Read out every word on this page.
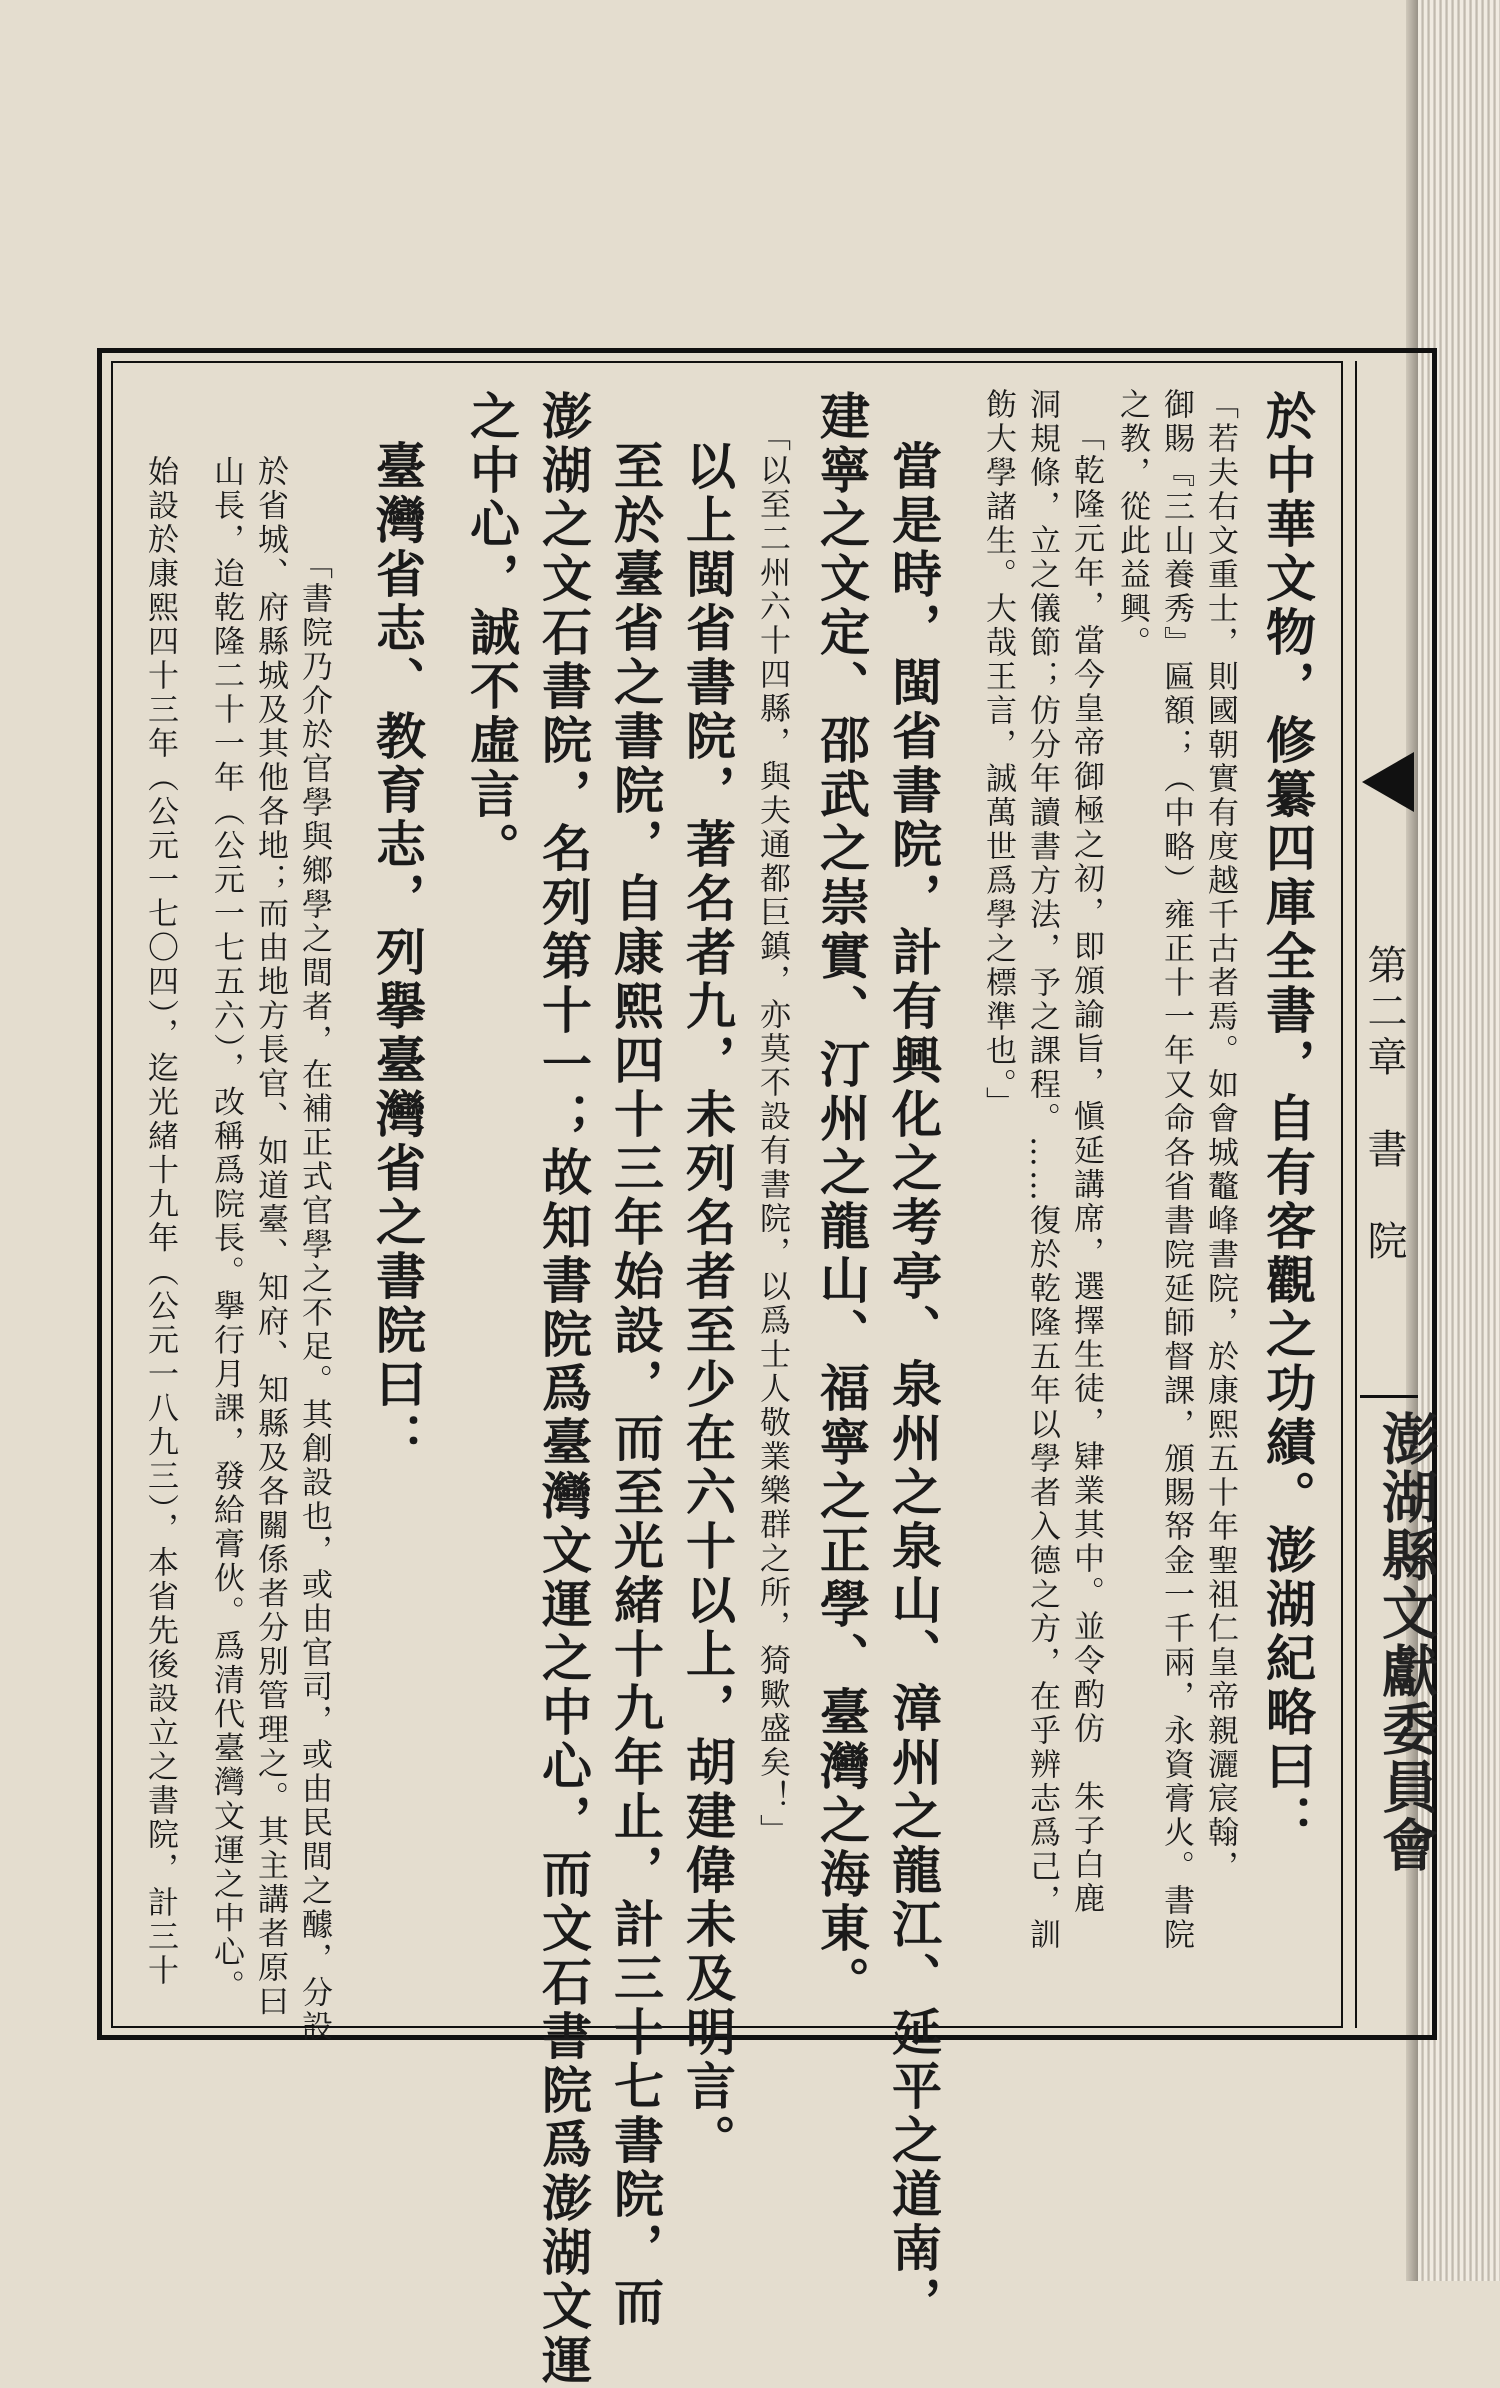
第二章　書　院
澎湖縣文獻委員會
於中華文物，修纂四庫全書，自有客觀之功績。澎湖紀略曰：
「若夫右文重士，則國朝實有度越千古者焉。如會城鼇峰書院，於康熙五十年聖祖仁皇帝親灑宸翰，
御賜『三山養秀』匾額；（中略）雍正十一年又命各省書院延師督課，頒賜帑金一千兩，永資膏火。書院
之教，從此益興。
「乾隆元年，當今皇帝御極之初，即頒諭旨，愼延講席，選擇生徒，肄業其中。並令酌仿　朱子白鹿
洞規條，立之儀節；仿分年讀書方法，予之課程。……復於乾隆五年以學者入德之方，在乎辨志爲己，訓
飭大學諸生。大哉王言，誠萬世爲學之標準也。」
當是時，閩省書院，計有興化之考亭、泉州之泉山、漳州之龍江、延平之道南，
建寧之文定、邵武之崇實、汀州之龍山、福寧之正學、臺灣之海東。
「以至二州六十四縣，與夫通都巨鎮，亦莫不設有書院，以爲士人敬業樂群之所，猗歟盛矣！」
以上閩省書院，著名者九，未列名者至少在六十以上，胡建偉未及明言。
至於臺省之書院，自康熙四十三年始設，而至光緒十九年止，計三十七書院，而
澎湖之文石書院，名列第十一；故知書院爲臺灣文運之中心，而文石書院爲澎湖文運
之中心，誠不虛言。
臺灣省志、教育志，列擧臺灣省之書院曰：
「書院乃介於官學與鄉學之間者，在補正式官學之不足。其創設也，或由官司，或由民間之醵，分設
於省城、府縣城及其他各地；而由地方長官、如道臺、知府、知縣及各關係者分別管理之。其主講者原曰
山長，迨乾隆二十一年（公元一七五六），改稱爲院長。擧行月課，發給膏伙。爲清代臺灣文運之中心。
始設於康熙四十三年（公元一七〇四），迄光緒十九年（公元一八九三），本省先後設立之書院，計三十
